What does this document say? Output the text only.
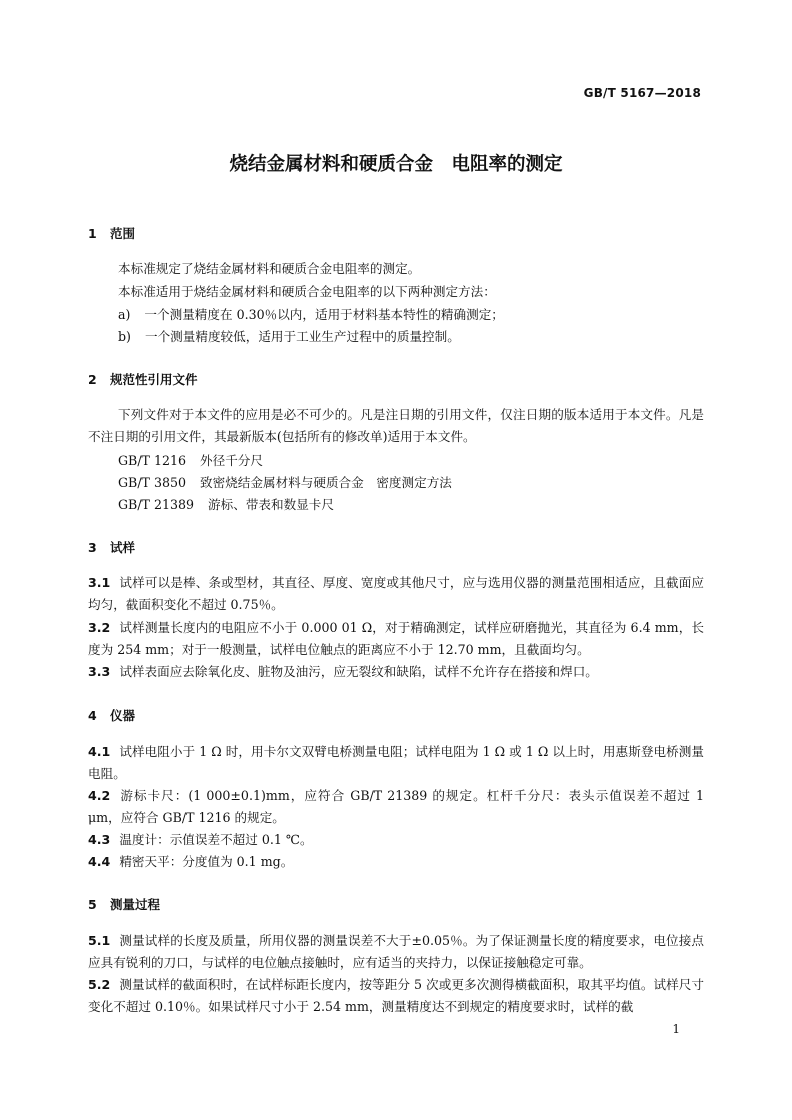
GB/T 5167—2018
烧结金属材料和硬质合金　电阻率的测定
1 范围
本标准规定了烧结金属材料和硬质合金电阻率的测定。
本标准适用于烧结金属材料和硬质合金电阻率的以下两种测定方法：
a) 一个测量精度在 0.30％以内，适用于材料基本特性的精确测定；
b) 一个测量精度较低，适用于工业生产过程中的质量控制。
2 规范性引用文件
下列文件对于本文件的应用是必不可少的。凡是注日期的引用文件，仅注日期的版本适用于本文件。凡是不注日期的引用文件，其最新版本(包括所有的修改单)适用于本文件。
GB/T 1216 外径千分尺
GB/T 3850 致密烧结金属材料与硬质合金　密度测定方法
GB/T 21389 游标、带表和数显卡尺
3 试样
3.1 试样可以是棒、条或型材，其直径、厚度、宽度或其他尺寸，应与选用仪器的测量范围相适应，且截面应均匀，截面积变化不超过 0.75％。
3.2 试样测量长度内的电阻应不小于 0.000 01 Ω，对于精确测定，试样应研磨抛光，其直径为 6.4 mm，长度为 254 mm；对于一般测量，试样电位触点的距离应不小于 12.70 mm，且截面均匀。
3.3 试样表面应去除氧化皮、脏物及油污，应无裂纹和缺陷，试样不允许存在搭接和焊口。
4 仪器
4.1 试样电阻小于 1 Ω 时，用卡尔文双臂电桥测量电阻；试样电阻为 1 Ω 或 1 Ω 以上时，用惠斯登电桥测量电阻。
4.2 游标卡尺：(1 000±0.1)mm，应符合 GB/T 21389 的规定。杠杆千分尺：表头示值误差不超过 1 μm，应符合 GB/T 1216 的规定。
4.3 温度计：示值误差不超过 0.1 ℃。
4.4 精密天平：分度值为 0.1 mg。
5 测量过程
5.1 测量试样的长度及质量，所用仪器的测量误差不大于±0.05％。为了保证测量长度的精度要求，电位接点应具有锐利的刀口，与试样的电位触点接触时，应有适当的夹持力，以保证接触稳定可靠。
5.2 测量试样的截面积时，在试样标距长度内，按等距分 5 次或更多次测得横截面积，取其平均值。试样尺寸变化不超过 0.10％。如果试样尺寸小于 2.54 mm，测量精度达不到规定的精度要求时，试样的截
1
